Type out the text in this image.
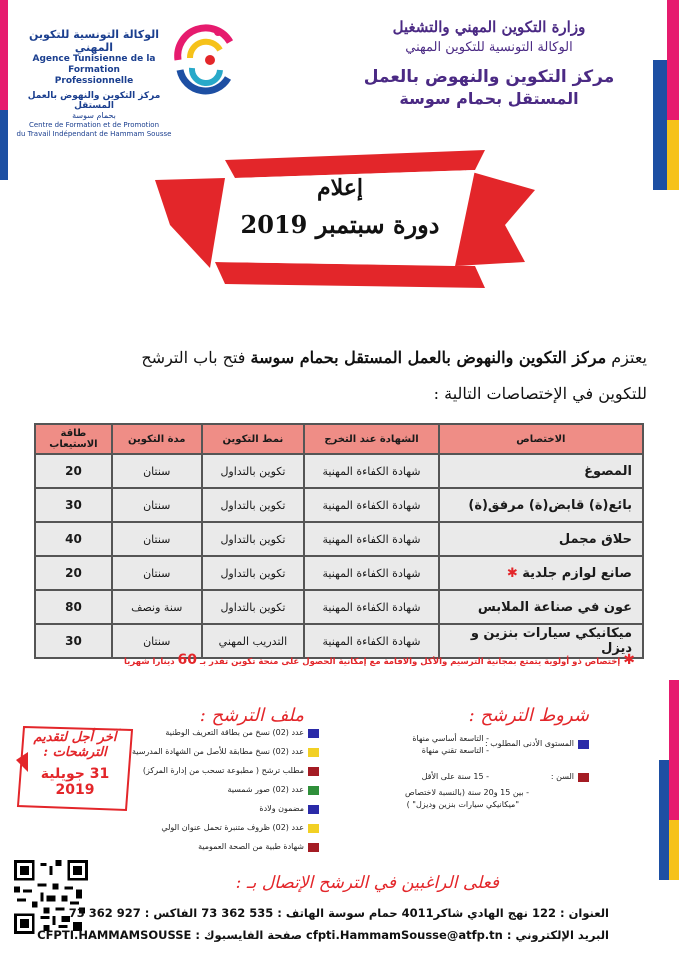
وزارة التكوين المهني والتشغيل
الوكالة التونسية للتكوين المهني
مركز التكوين والنهوض بالعمل
المستقل بحمام سوسة
الوكالة التونسية للتكوين المهني
Agence Tunisienne de la Formation
Professionnelle
مركز التكوين والنهوض بالعمل المستقل
بحمام سوسة
Centre de Formation et de Promotion
du Travail Indépendant de Hammam Sousse
إعلام
دورة سبتمبر 2019
يعتزم مركز التكوين والنهوض بالعمل المستقل بحمام سوسة فتح باب الترشح
للتكوين في الإختصاصات التالية :
الاختصاص	الشهادة عند التخرج	نمط التكوين	مدة التكوين	طاقة الاستيعاب
المصوغ	شهادة الكفاءة المهنية	تكوين بالتداول	سنتان	20
بائع(ة) قابض(ة) مرفق(ة)	شهادة الكفاءة المهنية	تكوين بالتداول	سنتان	30
حلاق مجمل	شهادة الكفاءة المهنية	تكوين بالتداول	سنتان	40
صانع لوازم جلدية ✱	شهادة الكفاءة المهنية	تكوين بالتداول	سنتان	20
عون في صناعة الملابس	شهادة الكفاءة المهنية	تكوين بالتداول	سنة ونصف	80
ميكانيكي سيارات بنزين و ديزل	شهادة الكفاءة المهنية	التدريب المهني	سنتان	30
✱ إختصاص ذو أولوية يتمتع بمجانية الترسيم والأكل والاقامة مع إمكانية الحصول على منحة تكوين تقدر بـ 60 دينارا شهريا
شروط الترشح :
المستوى الأدنى المطلوب :
- التاسعة أساسي منهاة
- التاسعة تقني منهاة
السن :
- 15 سنة على الأقل
- بين 15 و20 سنة (بالنسبة لاختصاص
"ميكانيكي سيارات بنزين وديزل" )
ملف الترشح :
عدد (02) نسخ من بطاقة التعريف الوطنية
عدد (02) نسخ مطابقة للأصل من الشهادة المدرسية
مطلب ترشح ( مطبوعة تسحب من إدارة المركز)
عدد (02) صور شمسية
مضمون ولادة
عدد (02) ظروف متنبرة تحمل عنوان الولي
شهادة طبية من الصحة العمومية
آخر أجل لتقديم
الترشحات :
31 جويلية 2019
فعلى الراغبين في الترشح الإتصال بـ :
العنوان : 122 نهج الهادي شاكر4011 حمام سوسة الهاتف : 535 362 73 الفاكس : 927 362 73
البريد الإلكتروني : cfpti.HammamSousse@atfp.tn صفحة الفايسبوك : CFPTI.HAMMAMSOUSSE
